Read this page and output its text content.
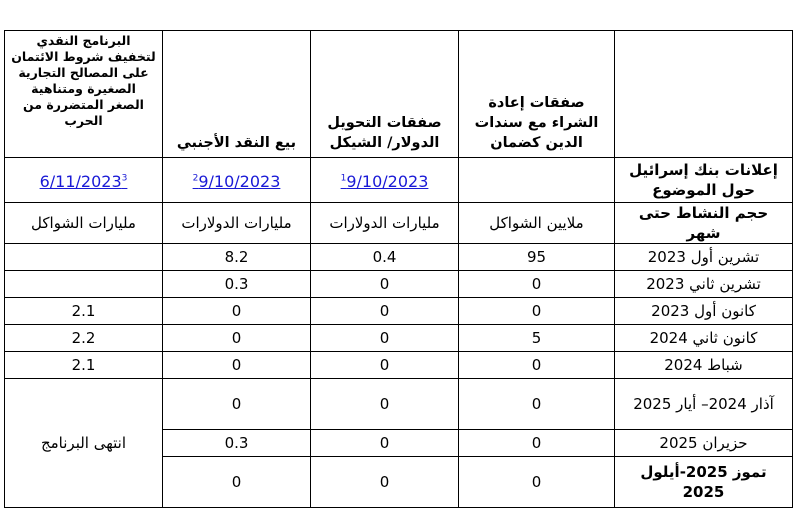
	صفقات إعادة الشراء مع سندات الدين كضمان	صفقات التحويل الدولار/ الشيكل	بيع النقد الأجنبي	البرنامج النقدي لتخفيف شروط الائتمان على المصالح التجارية الصغيرة ومتناهية الصغر المتضررة من الحرب
إعلانات بنك إسرائيل حول الموضوع		$^1$9/10/2023	$^2$9/10/2023	6/11/2023$^3$
حجم النشاط حتى شهر	ملايين الشواكل	مليارات الدولارات	مليارات الدولارات	مليارات الشواكل
تشرين أول 2023	95	0.4	8.2	
تشرين ثاني 2023	0	0	0.3	
كانون أول 2023	0	0	0	2.1
كانون ثاني 2024	5	0	0	2.2
شباط 2024	0	0	0	2.1
آذار 2024– أيار 2025	0	0	0	انتهى البرنامج
حزيران 2025	0	0	0.3	
تموز 2025-أيلول 2025	0	0	0	
